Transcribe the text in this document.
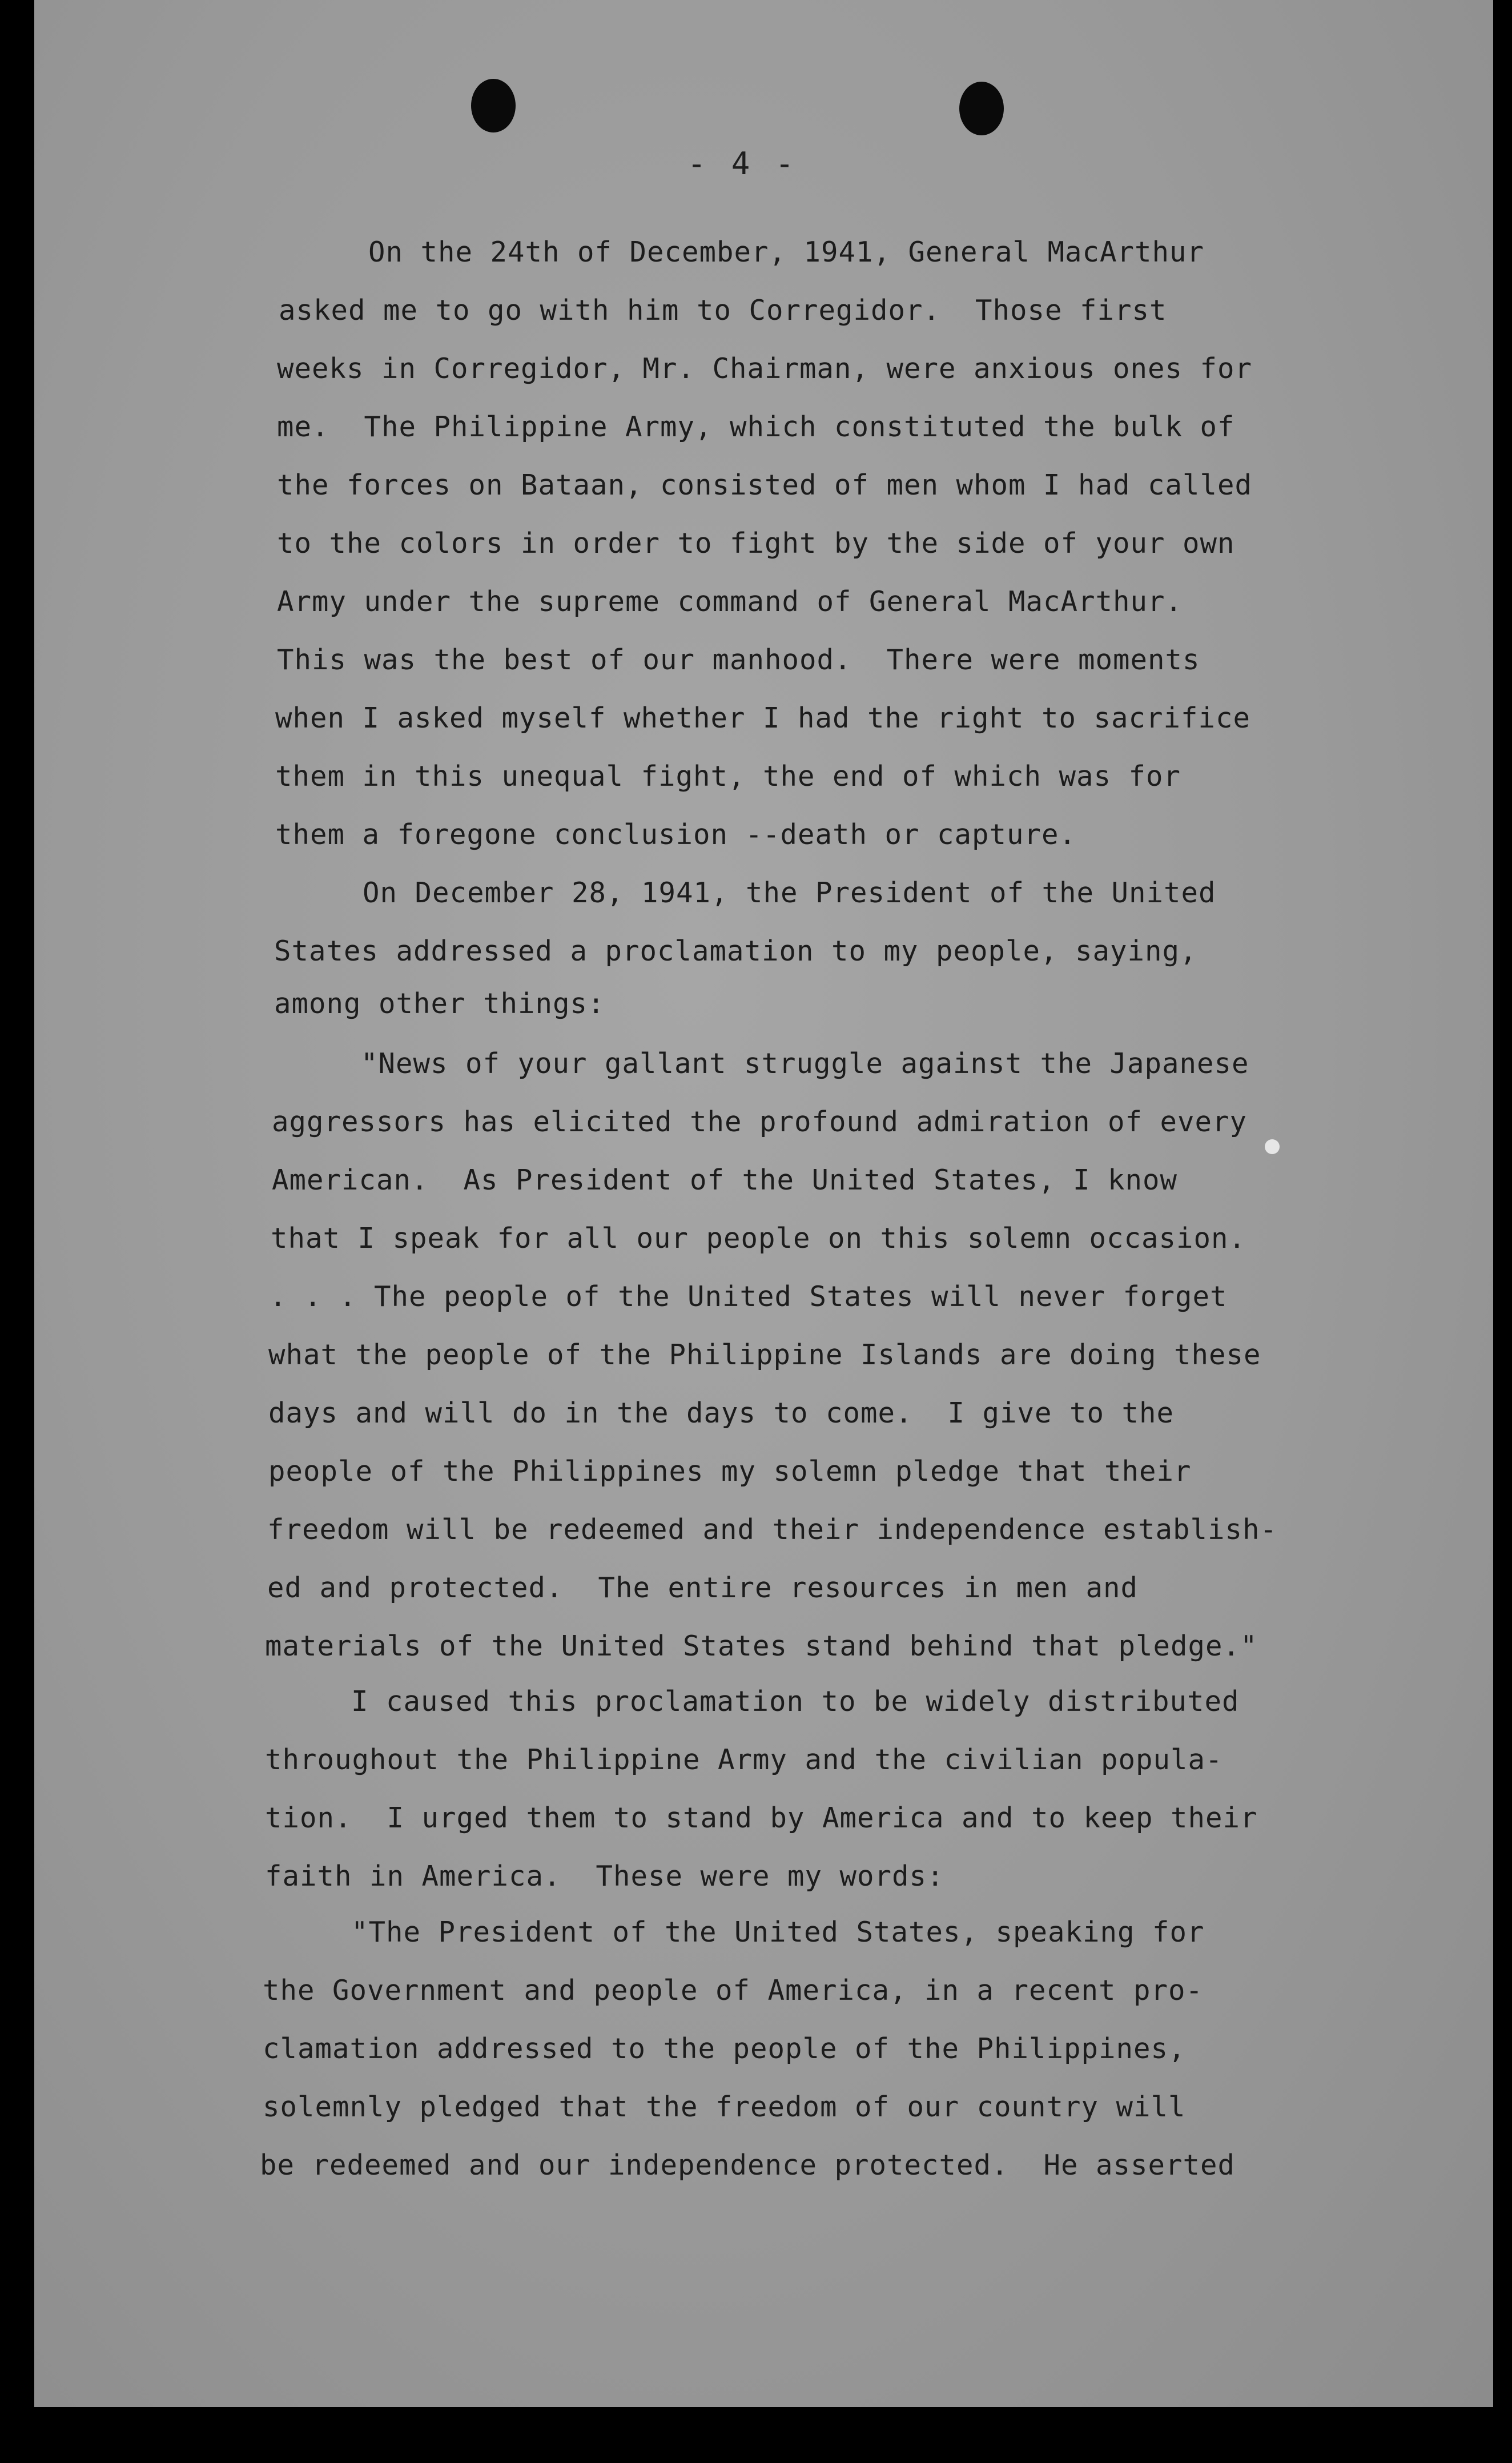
- 4 -
On the 24th of December, 1941, General MacArthur
asked me to go with him to Corregidor.  Those first
weeks in Corregidor, Mr. Chairman, were anxious ones for
me.  The Philippine Army, which constituted the bulk of
the forces on Bataan, consisted of men whom I had called
to the colors in order to fight by the side of your own
Army under the supreme command of General MacArthur.
This was the best of our manhood.  There were moments
when I asked myself whether I had the right to sacrifice
them in this unequal fight, the end of which was for
them a foregone conclusion --death or capture.
On December 28, 1941, the President of the United
States addressed a proclamation to my people, saying,
among other things:
"News of your gallant struggle against the Japanese
aggressors has elicited the profound admiration of every
American.  As President of the United States, I know
that I speak for all our people on this solemn occasion.
. . . The people of the United States will never forget
what the people of the Philippine Islands are doing these
days and will do in the days to come.  I give to the
people of the Philippines my solemn pledge that their
freedom will be redeemed and their independence establish-
ed and protected.  The entire resources in men and
materials of the United States stand behind that pledge."
I caused this proclamation to be widely distributed
throughout the Philippine Army and the civilian popula-
tion.  I urged them to stand by America and to keep their
faith in America.  These were my words:
"The President of the United States, speaking for
the Government and people of America, in a recent pro-
clamation addressed to the people of the Philippines,
solemnly pledged that the freedom of our country will
be redeemed and our independence protected.  He asserted
